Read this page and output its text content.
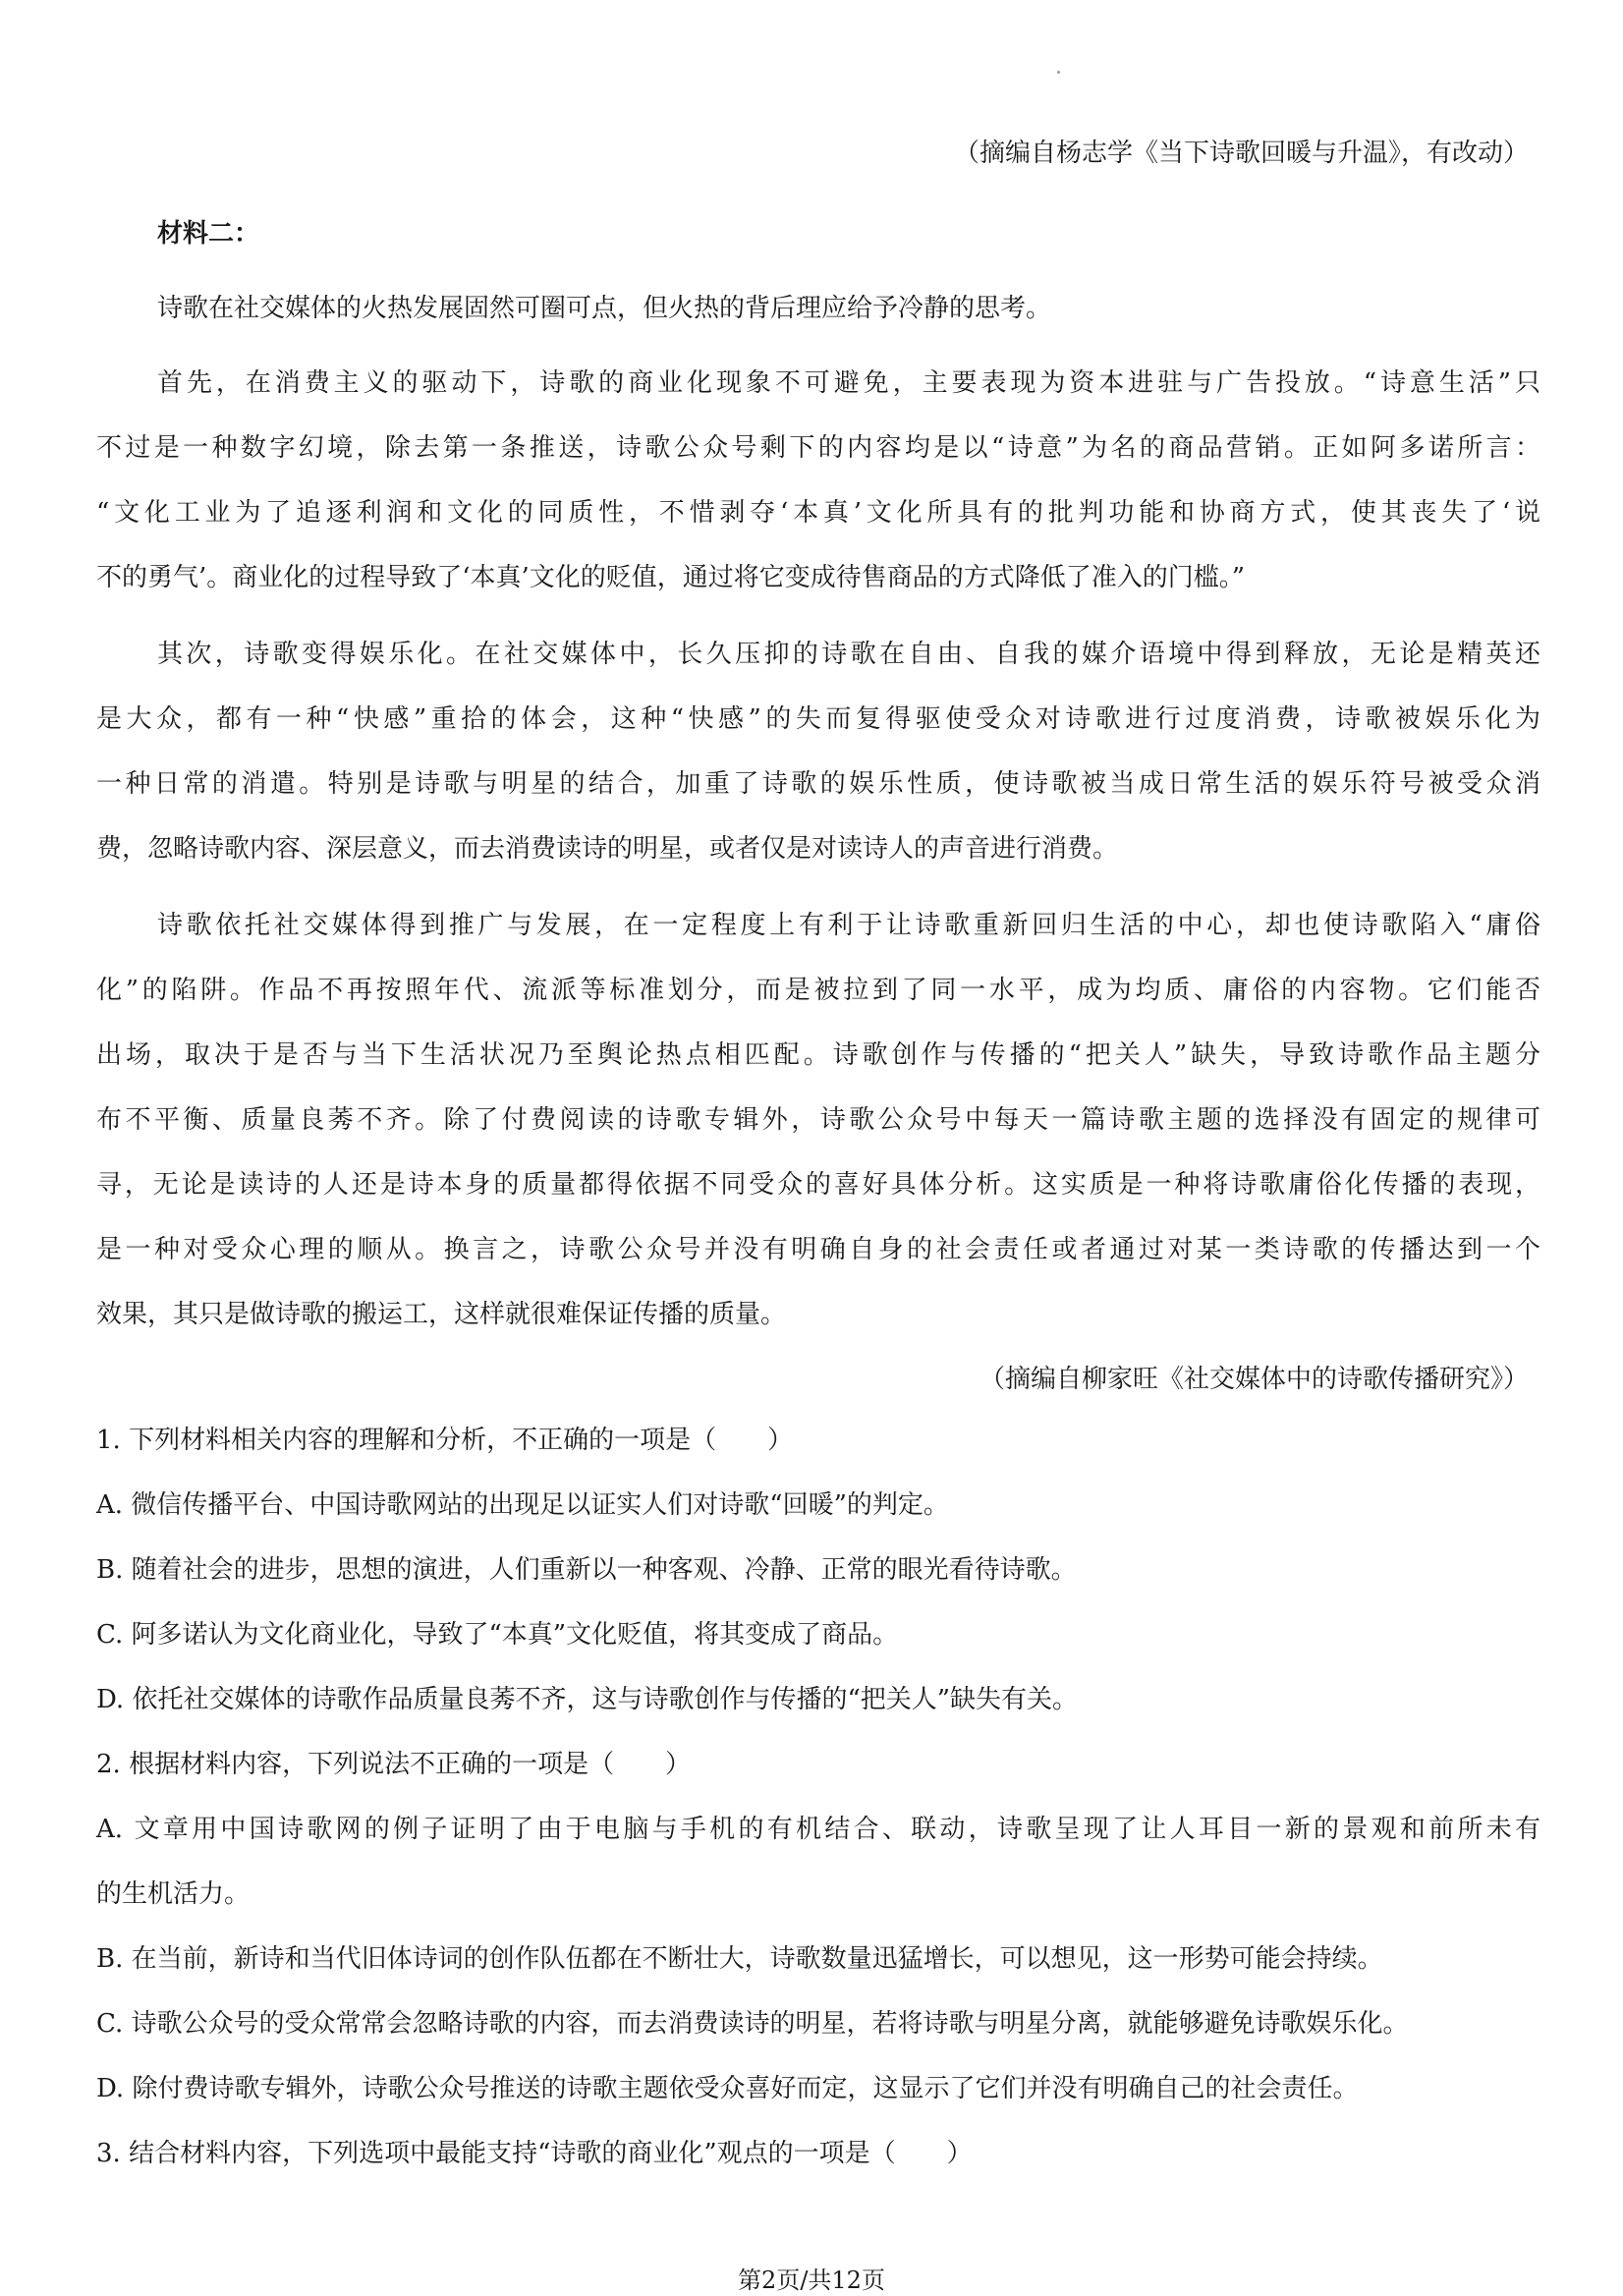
（摘编自杨志学《当下诗歌回暖与升温》，有改动）
材料二：
诗歌在社交媒体的火热发展固然可圈可点，但火热的背后理应给予冷静的思考。
首先，在消费主义的驱动下，诗歌的商业化现象不可避免，主要表现为资本进驻与广告投放。“诗意生活”只
不过是一种数字幻境，除去第一条推送，诗歌公众号剩下的内容均是以“诗意”为名的商品营销。正如阿多诺所言：
“文化工业为了追逐利润和文化的同质性，不惜剥夺‘本真’文化所具有的批判功能和协商方式，使其丧失了‘说
不的勇气’。商业化的过程导致了‘本真’文化的贬值，通过将它变成待售商品的方式降低了准入的门槛。”
其次，诗歌变得娱乐化。在社交媒体中，长久压抑的诗歌在自由、自我的媒介语境中得到释放，无论是精英还
是大众，都有一种“快感”重拾的体会，这种“快感”的失而复得驱使受众对诗歌进行过度消费，诗歌被娱乐化为
一种日常的消遣。特别是诗歌与明星的结合，加重了诗歌的娱乐性质，使诗歌被当成日常生活的娱乐符号被受众消
费，忽略诗歌内容、深层意义，而去消费读诗的明星，或者仅是对读诗人的声音进行消费。
诗歌依托社交媒体得到推广与发展，在一定程度上有利于让诗歌重新回归生活的中心，却也使诗歌陷入“庸俗
化”的陷阱。作品不再按照年代、流派等标准划分，而是被拉到了同一水平，成为均质、庸俗的内容物。它们能否
出场，取决于是否与当下生活状况乃至舆论热点相匹配。诗歌创作与传播的“把关人”缺失，导致诗歌作品主题分
布不平衡、质量良莠不齐。除了付费阅读的诗歌专辑外，诗歌公众号中每天一篇诗歌主题的选择没有固定的规律可
寻，无论是读诗的人还是诗本身的质量都得依据不同受众的喜好具体分析。这实质是一种将诗歌庸俗化传播的表现，
是一种对受众心理的顺从。换言之，诗歌公众号并没有明确自身的社会责任或者通过对某一类诗歌的传播达到一个
效果，其只是做诗歌的搬运工，这样就很难保证传播的质量。
（摘编自柳家旺《社交媒体中的诗歌传播研究》）
1. 下列材料相关内容的理解和分析，不正确的一项是（　　）
A. 微信传播平台、中国诗歌网站的出现足以证实人们对诗歌“回暖”的判定。
B. 随着社会的进步，思想的演进，人们重新以一种客观、冷静、正常的眼光看待诗歌。
C. 阿多诺认为文化商业化，导致了“本真”文化贬值，将其变成了商品。
D. 依托社交媒体的诗歌作品质量良莠不齐，这与诗歌创作与传播的“把关人”缺失有关。
2. 根据材料内容，下列说法不正确的一项是（　　）
A. 文章用中国诗歌网的例子证明了由于电脑与手机的有机结合、联动，诗歌呈现了让人耳目一新的景观和前所未有
的生机活力。
B. 在当前，新诗和当代旧体诗词的创作队伍都在不断壮大，诗歌数量迅猛增长，可以想见，这一形势可能会持续。
C. 诗歌公众号的受众常常会忽略诗歌的内容，而去消费读诗的明星，若将诗歌与明星分离，就能够避免诗歌娱乐化。
D. 除付费诗歌专辑外，诗歌公众号推送的诗歌主题依受众喜好而定，这显示了它们并没有明确自己的社会责任。
3. 结合材料内容，下列选项中最能支持“诗歌的商业化”观点的一项是（　　）
第2页/共12页
